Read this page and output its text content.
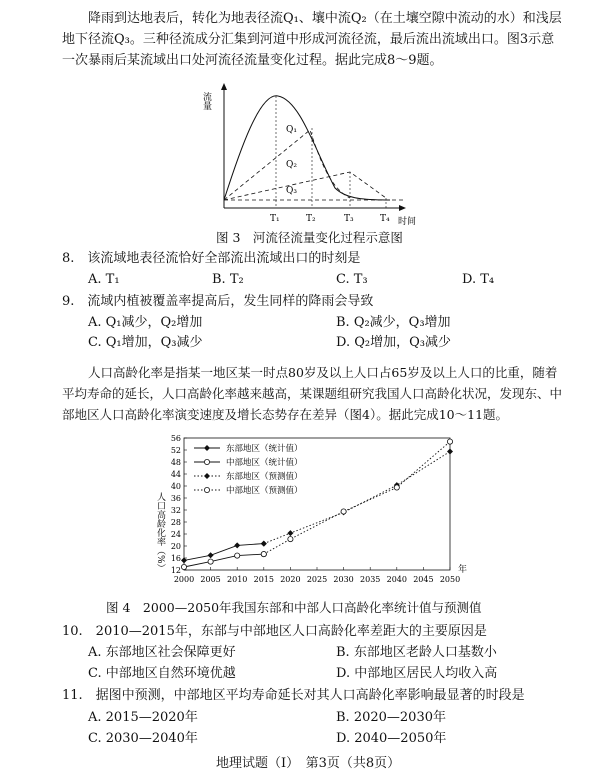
降雨到达地表后，转化为地表径流Q₁、壤中流Q₂（在土壤空隙中流动的水）和浅层地下径流Q₃。三种径流成分汇集到河道中形成河流径流，最后流出流域出口。图3示意一次暴雨后某流域出口处河流径流量变化过程。据此完成8～9题。

流量
时间
Q₁
Q₂
Q₃
T₁	T₂	T₃	T₄
图 3　河流径流量变化过程示意图
8.　该流域地表径流恰好全部流出流域出口的时刻是
A. T₁	B. T₂	C. T₃	D. T₄
9.　流域内植被覆盖率提高后，发生同样的降雨会导致
A. Q₁减少，Q₂增加	B. Q₂减少，Q₃增加
C. Q₁增加，Q₃减少	D. Q₂增加，Q₃减少

人口高龄化率是指某一地区某一时点80岁及以上人口占65岁及以上人口的比重，随着平均寿命的延长，人口高龄化率越来越高，某课题组研究我国人口高龄化状况，发现东、中部地区人口高龄化率演变速度及增长态势存在差异（图4）。据此完成10～11题。

12
16
20
24
28
32
36
40
44
48
52
56
2000 2005 2010 2015 2020 2025 2030 2035 2040 2045 2050
东部地区（统计值）
中部地区（统计值）
东部地区（预测值）
中部地区（预测值）
人口高龄化率（%）	年
图 4　2000—2050年我国东部和中部人口高龄化率统计值与预测值
10.　2010—2015年，东部与中部地区人口高龄化率差距大的主要原因是
A. 东部地区社会保障更好	B. 东部地区老龄人口基数小
C. 中部地区自然环境优越	D. 中部地区居民人均收入高
11.　据图中预测，中部地区平均寿命延长对其人口高龄化率影响最显著的时段是
A. 2015—2020年	B. 2020—2030年
C. 2030—2040年	D. 2040—2050年
地理试题（Ⅰ）　第3页（共8页）
